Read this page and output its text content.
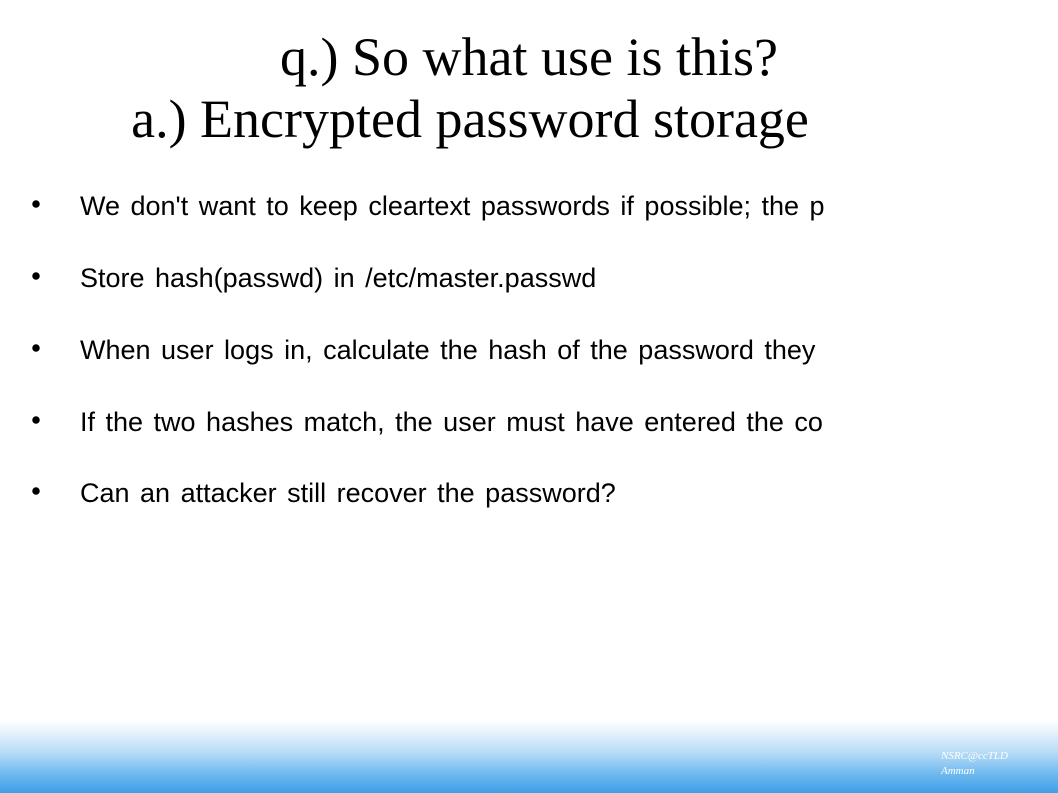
q.) So what use is this?
a.) Encrypted password storage
We don't want to keep cleartext passwords if possible; the p
Store hash(passwd) in /etc/master.passwd
When user logs in, calculate the hash of the password they
If the two hashes match, the user must have entered the co
Can an attacker still recover the password?
NSRC@ccTLD
Amman
